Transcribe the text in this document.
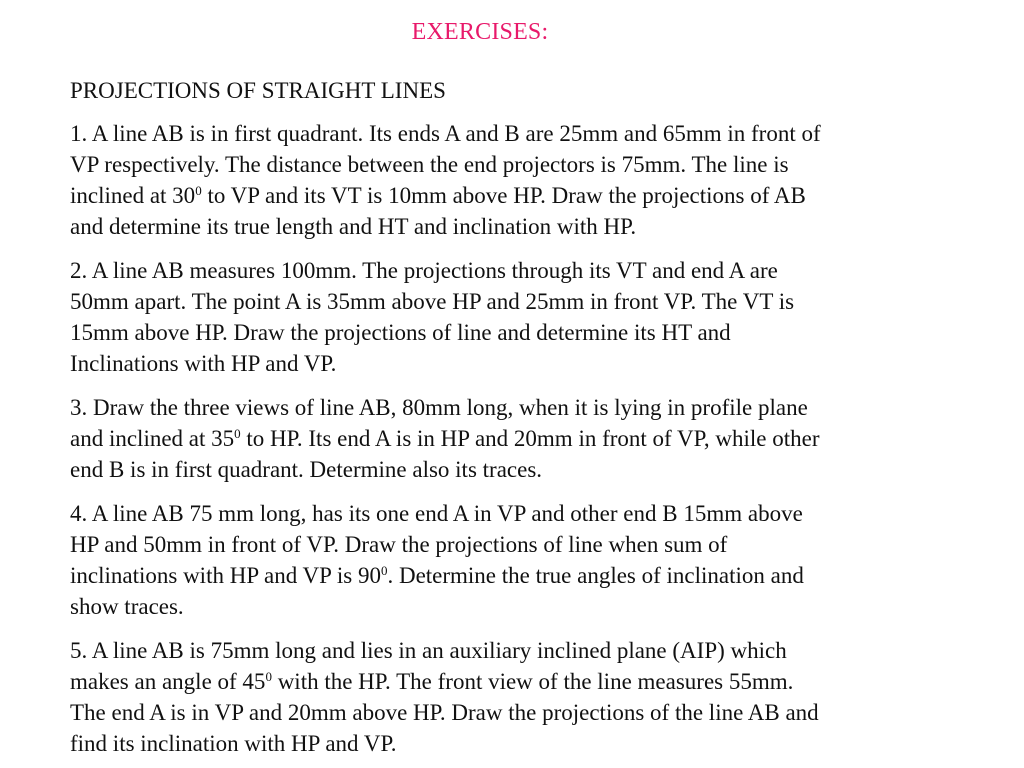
EXERCISES:
PROJECTIONS OF STRAIGHT LINES
1. A line AB is in first quadrant. Its ends A and B are 25mm and 65mm in front of
VP respectively. The distance between the end projectors is 75mm. The line is
inclined at $30^0$ to VP and its VT is 10mm above HP. Draw the projections of AB
and determine its true length and HT and inclination with HP.
2. A line AB measures 100mm. The projections through its VT and end A are
50mm apart. The point A is 35mm above HP and 25mm in front VP. The VT is
15mm above HP. Draw the projections of line and determine its HT and
Inclinations with HP and VP.
3. Draw the three views of line AB, 80mm long, when it is lying in profile plane
and inclined at $35^0$ to HP. Its end A is in HP and 20mm in front of VP, while other
end B is in first quadrant. Determine also its traces.
4. A line AB 75 mm long, has its one end A in VP and other end B 15mm above
HP and 50mm in front of VP. Draw the projections of line when sum of
inclinations with HP and VP is $90^0$. Determine the true angles of inclination and
show traces.
5. A line AB is 75mm long and lies in an auxiliary inclined plane (AIP) which
makes an angle of $45^0$ with the HP. The front view of the line measures 55mm.
The end A is in VP and 20mm above HP. Draw the projections of the line AB and
find its inclination with HP and VP.
